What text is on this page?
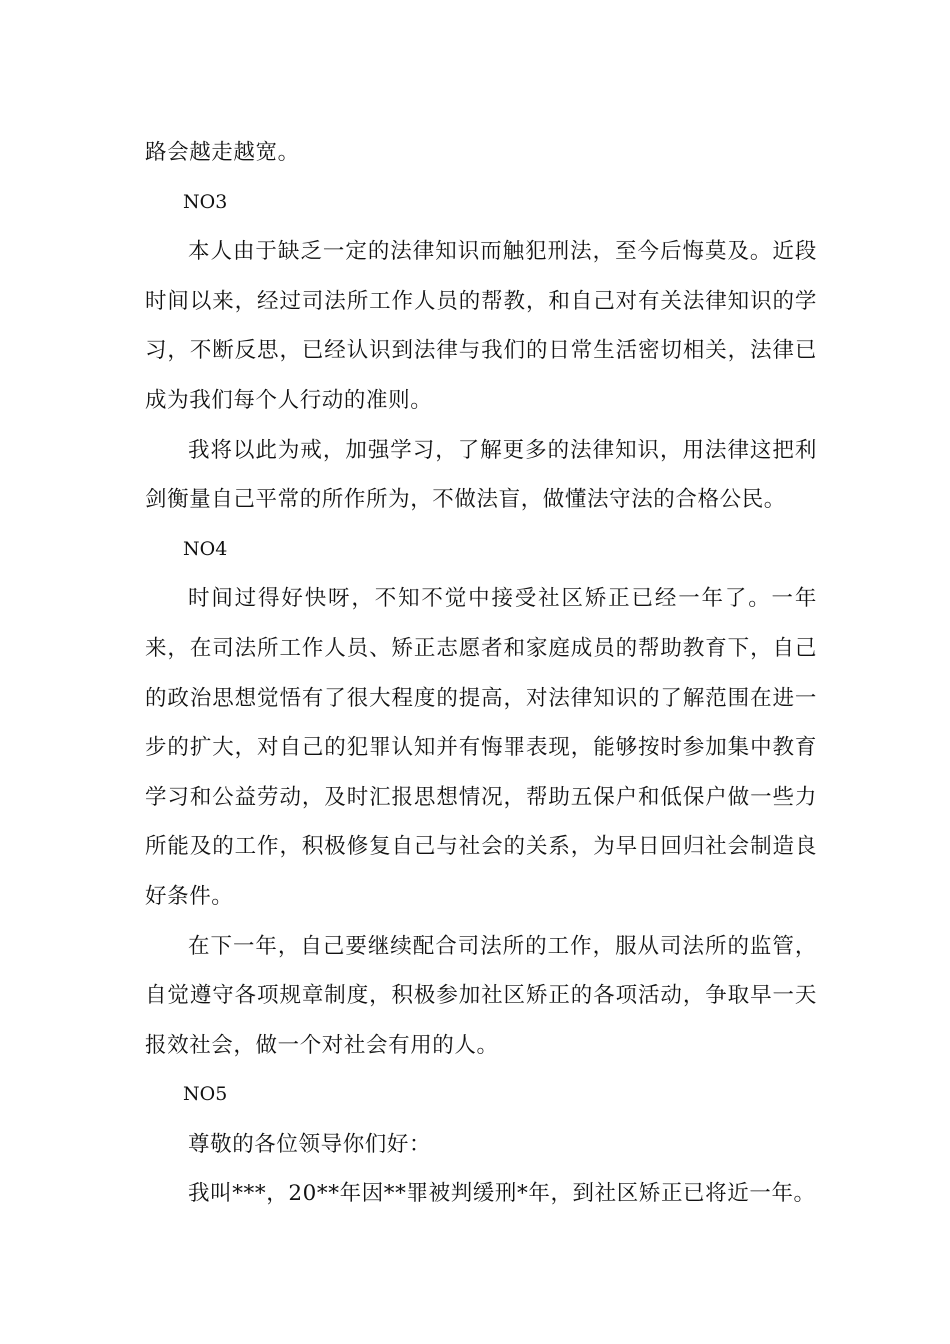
路会越走越宽。

NO3

本人由于缺乏一定的法律知识而触犯刑法，至今后悔莫及。近段时间以来，经过司法所工作人员的帮教，和自己对有关法律知识的学习，不断反思，已经认识到法律与我们的日常生活密切相关，法律已成为我们每个人行动的准则。

我将以此为戒，加强学习，了解更多的法律知识，用法律这把利剑衡量自己平常的所作所为，不做法盲，做懂法守法的合格公民。

NO4

时间过得好快呀，不知不觉中接受社区矫正已经一年了。一年来，在司法所工作人员、矫正志愿者和家庭成员的帮助教育下，自己的政治思想觉悟有了很大程度的提高，对法律知识的了解范围在进一步的扩大，对自己的犯罪认知并有悔罪表现，能够按时参加集中教育学习和公益劳动，及时汇报思想情况，帮助五保户和低保户做一些力所能及的工作，积极修复自己与社会的关系，为早日回归社会制造良好条件。

在下一年，自己要继续配合司法所的工作，服从司法所的监管，自觉遵守各项规章制度，积极参加社区矫正的各项活动，争取早一天报效社会，做一个对社会有用的人。

NO5

尊敬的各位领导你们好：

我叫***，20**年因**罪被判缓刑*年，到社区矫正已将近一年。
